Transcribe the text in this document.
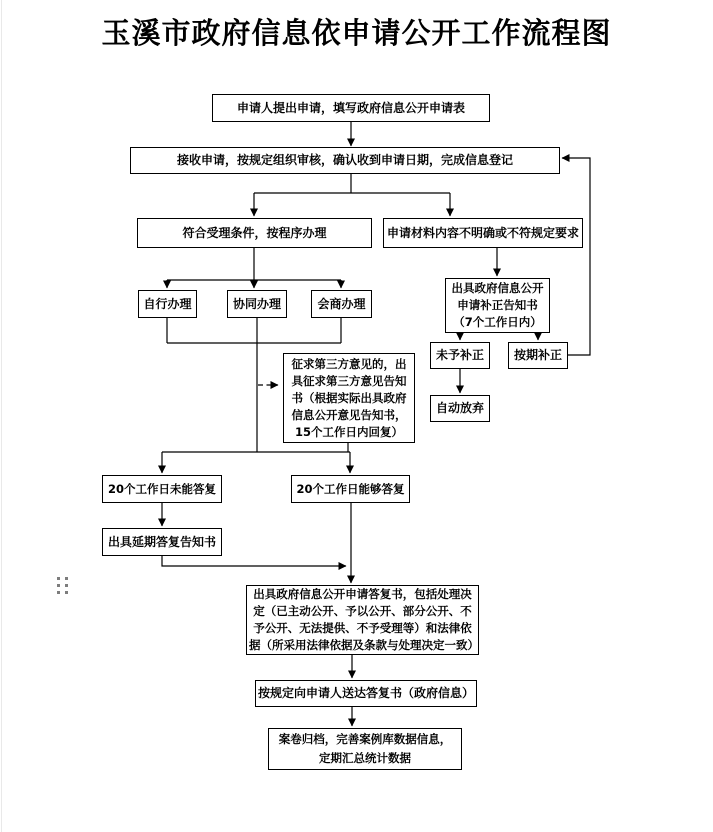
玉溪市政府信息依申请公开工作流程图
申请人提出申请，填写政府信息公开申请表
接收申请，按规定组织审核，确认收到申请日期，完成信息登记
符合受理条件，按程序办理	申请材料内容不明确或不符规定要求
自行办理	协同办理	会商办理
征求第三方意见的，出具征求第三方意见告知书（根据实际出具政府信息公开意见告知书，15个工作日内回复）
出具政府信息公开申请补正告知书（7个工作日内）
未予补正	按期补正
自动放弃
20个工作日未能答复	20个工作日能够答复
出具延期答复告知书
出具政府信息公开申请答复书，包括处理决定（已主动公开、予以公开、部分公开、不予公开、无法提供、不予受理等）和法律依据（所采用法律依据及条款与处理决定一致）
按规定向申请人送达答复书（政府信息）
案卷归档，完善案例库数据信息，定期汇总统计数据
